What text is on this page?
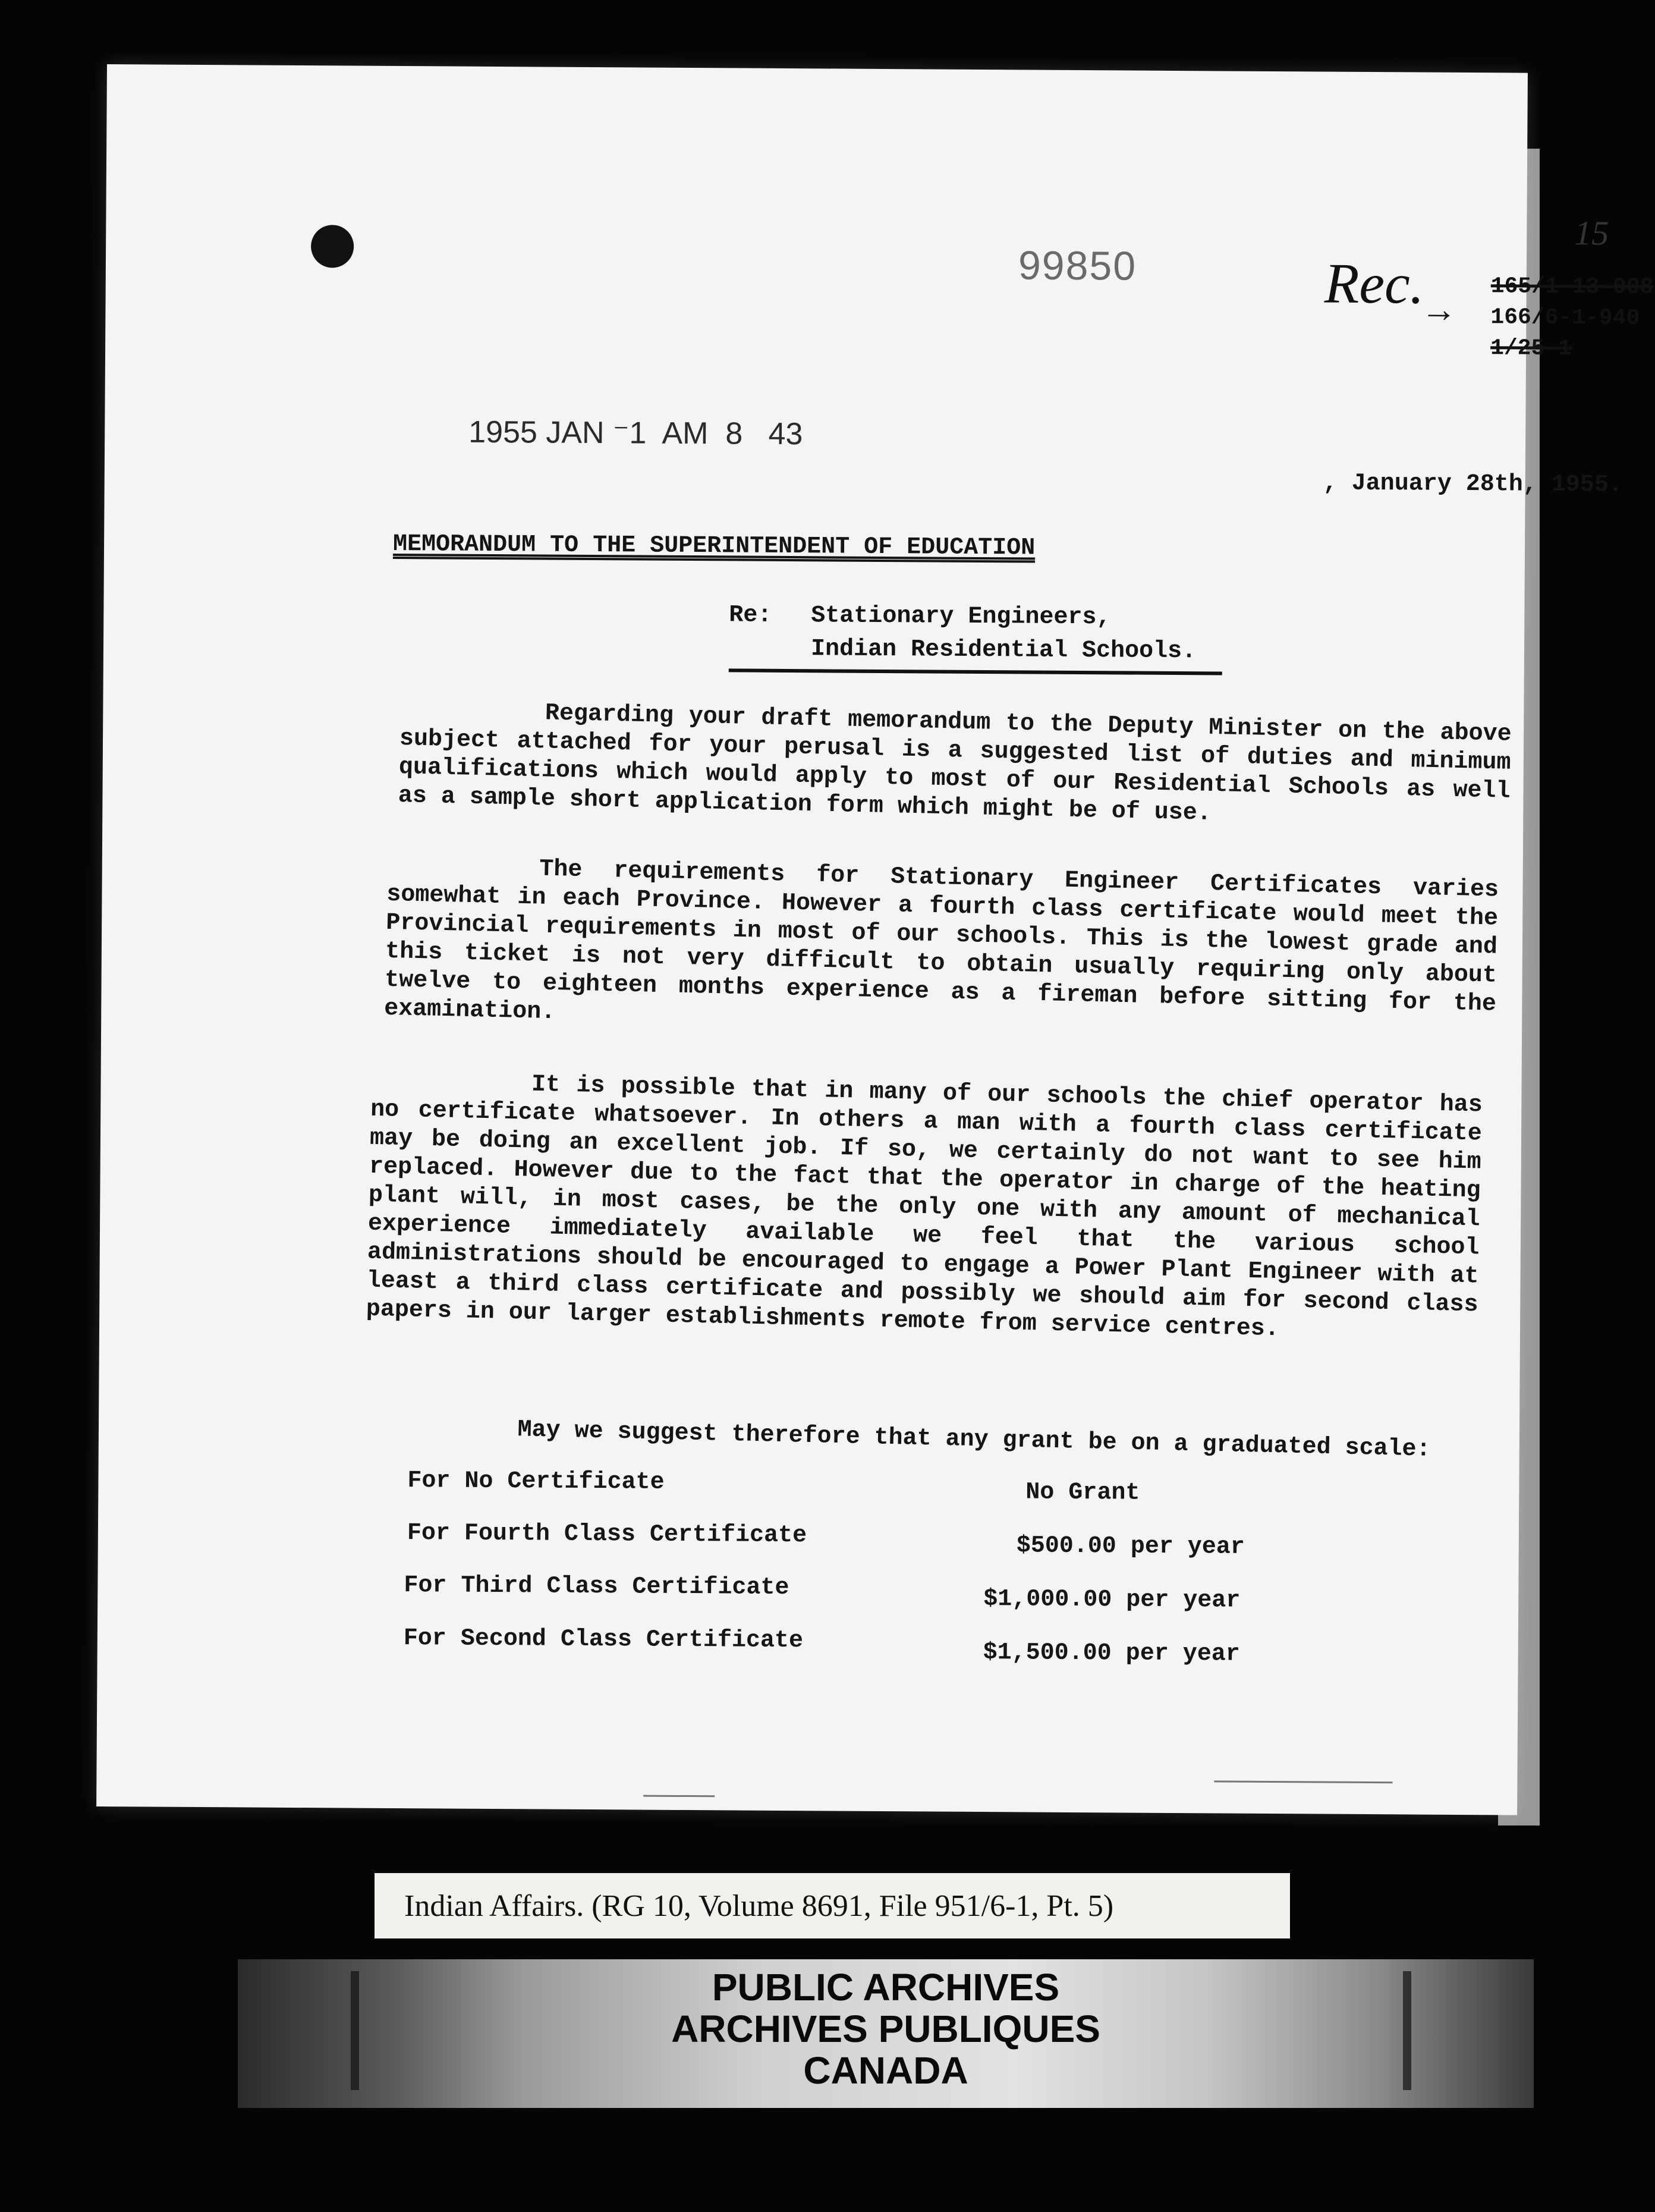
99850
15
Rec. →
165/1-13-008
166/6-1-940
1/25-1
1955 JAN ⁻1  AM  8   43
, January 28th, 1955.
MEMORANDUM TO THE SUPERINTENDENT OF EDUCATION
Re: Stationary Engineers,
Indian Residential Schools.
Regarding your draft memorandum to the Deputy Minister on the above subject attached for your perusal is a suggested list of duties and minimum qualifications which would apply to most of our Residential Schools as well as a sample short application form which might be of use.
The requirements for Stationary Engineer Certificates varies somewhat in each Province. However a fourth class certificate would meet the Provincial requirements in most of our schools. This is the lowest grade and this ticket is not very difficult to obtain usually requiring only about twelve to eighteen months experience as a fireman before sitting for the examination.
It is possible that in many of our schools the chief operator has no certificate whatsoever. In others a man with a fourth class certificate may be doing an excellent job. If so, we certainly do not want to see him replaced. However due to the fact that the operator in charge of the heating plant will, in most cases, be the only one with any amount of mechanical experience immediately available we feel that the various school administrations should be encouraged to engage a Power Plant Engineer with at least a third class certificate and possibly we should aim for second class papers in our larger establishments remote from service centres.
May we suggest therefore that any grant be on a graduated scale:
For No Certificate	No Grant
For Fourth Class Certificate	$500.00 per year
For Third Class Certificate	$1,000.00 per year
For Second Class Certificate	$1,500.00 per year
Indian Affairs. (RG 10, Volume 8691, File 951/6-1, Pt. 5)
PUBLIC ARCHIVES
ARCHIVES PUBLIQUES
CANADA
